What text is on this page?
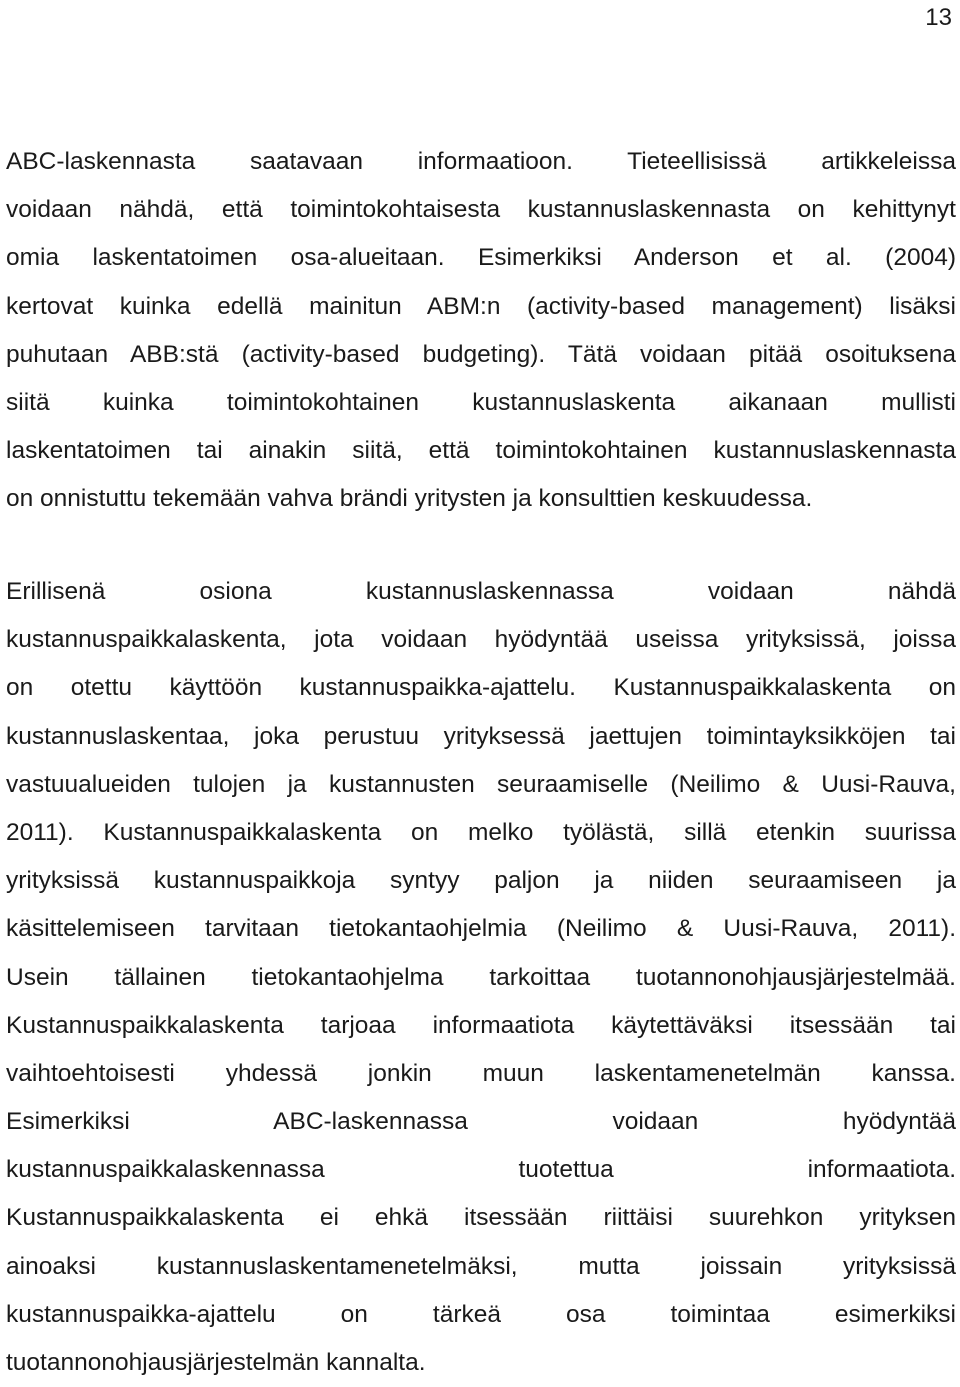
13
ABC-laskennasta saatavaan informaatioon. Tieteellisissä artikkeleissa
voidaan nähdä, että toimintokohtaisesta kustannuslaskennasta on kehittynyt
omia laskentatoimen osa-alueitaan. Esimerkiksi Anderson et al. (2004)
kertovat kuinka edellä mainitun ABM:n (activity-based management) lisäksi
puhutaan ABB:stä (activity-based budgeting). Tätä voidaan pitää osoituksena
siitä kuinka toimintokohtainen kustannuslaskenta aikanaan mullisti
laskentatoimen tai ainakin siitä, että toimintokohtainen kustannuslaskennasta
on onnistuttu tekemään vahva brändi yritysten ja konsulttien keskuudessa.
Erillisenä osiona kustannuslaskennassa voidaan nähdä
kustannuspaikkalaskenta, jota voidaan hyödyntää useissa yrityksissä, joissa
on otettu käyttöön kustannuspaikka-ajattelu. Kustannuspaikkalaskenta on
kustannuslaskentaa, joka perustuu yrityksessä jaettujen toimintayksikköjen tai
vastuualueiden tulojen ja kustannusten seuraamiselle (Neilimo & Uusi-Rauva,
2011). Kustannuspaikkalaskenta on melko työlästä, sillä etenkin suurissa
yrityksissä kustannuspaikkoja syntyy paljon ja niiden seuraamiseen ja
käsittelemiseen tarvitaan tietokantaohjelmia (Neilimo & Uusi-Rauva, 2011).
Usein tällainen tietokantaohjelma tarkoittaa tuotannonohjausjärjestelmää.
Kustannuspaikkalaskenta tarjoaa informaatiota käytettäväksi itsessään tai
vaihtoehtoisesti yhdessä jonkin muun laskentamenetelmän kanssa.
Esimerkiksi ABC-laskennassa voidaan hyödyntää
kustannuspaikkalaskennassa tuotettua informaatiota.
Kustannuspaikkalaskenta ei ehkä itsessään riittäisi suurehkon yrityksen
ainoaksi kustannuslaskentamenetelmäksi, mutta joissain yrityksissä
kustannuspaikka-ajattelu on tärkeä osa toimintaa esimerkiksi
tuotannonohjausjärjestelmän kannalta.
